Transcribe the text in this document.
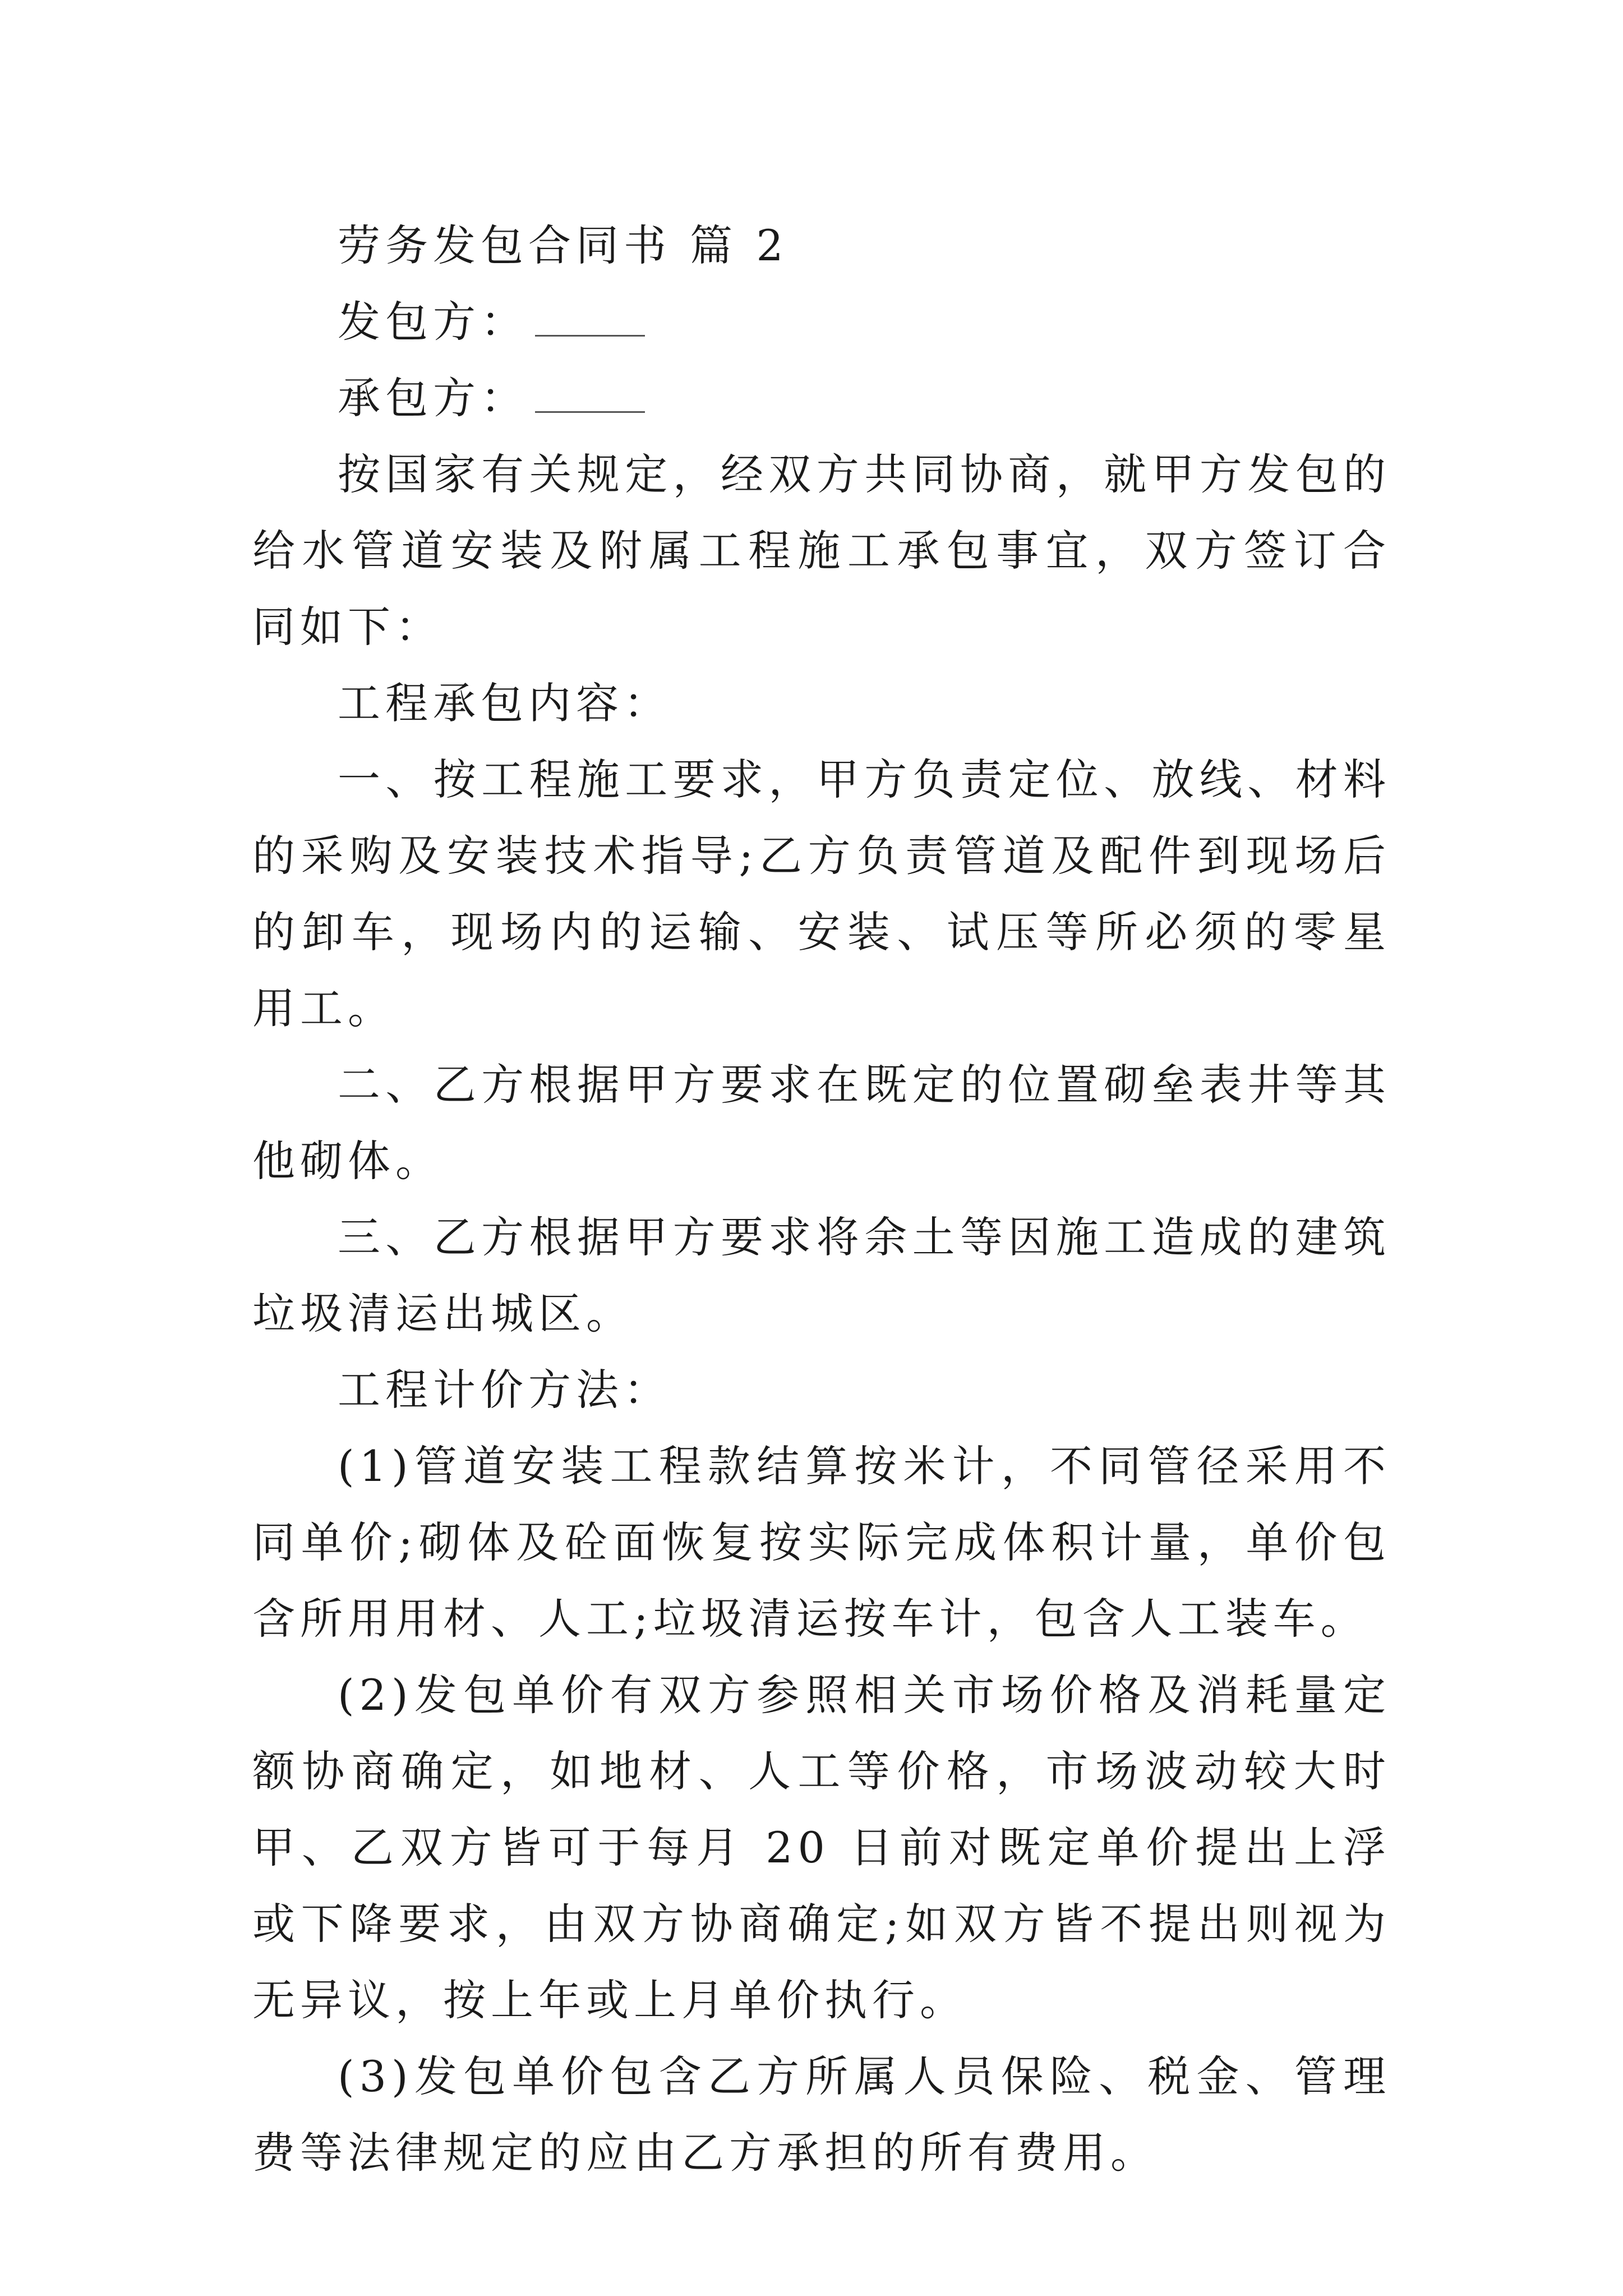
劳务发包合同书 篇 2

发包方：

承包方：

按国家有关规定，经双方共同协商，就甲方发包的给水管道安装及附属工程施工承包事宜，双方签订合同如下：

工程承包内容：

一、按工程施工要求，甲方负责定位、放线、材料的采购及安装技术指导;乙方负责管道及配件到现场后的卸车，现场内的运输、安装、试压等所必须的零星用工。

二、乙方根据甲方要求在既定的位置砌垒表井等其他砌体。

三、乙方根据甲方要求将余土等因施工造成的建筑垃圾清运出城区。

工程计价方法：

(1)管道安装工程款结算按米计，不同管径采用不同单价;砌体及砼面恢复按实际完成体积计量，单价包含所用用材、人工;垃圾清运按车计，包含人工装车。

(2)发包单价有双方参照相关市场价格及消耗量定额协商确定，如地材、人工等价格，市场波动较大时甲、乙双方皆可于每月 20 日前对既定单价提出上浮或下降要求，由双方协商确定;如双方皆不提出则视为无异议，按上年或上月单价执行。

(3)发包单价包含乙方所属人员保险、税金、管理费等法律规定的应由乙方承担的所有费用。
